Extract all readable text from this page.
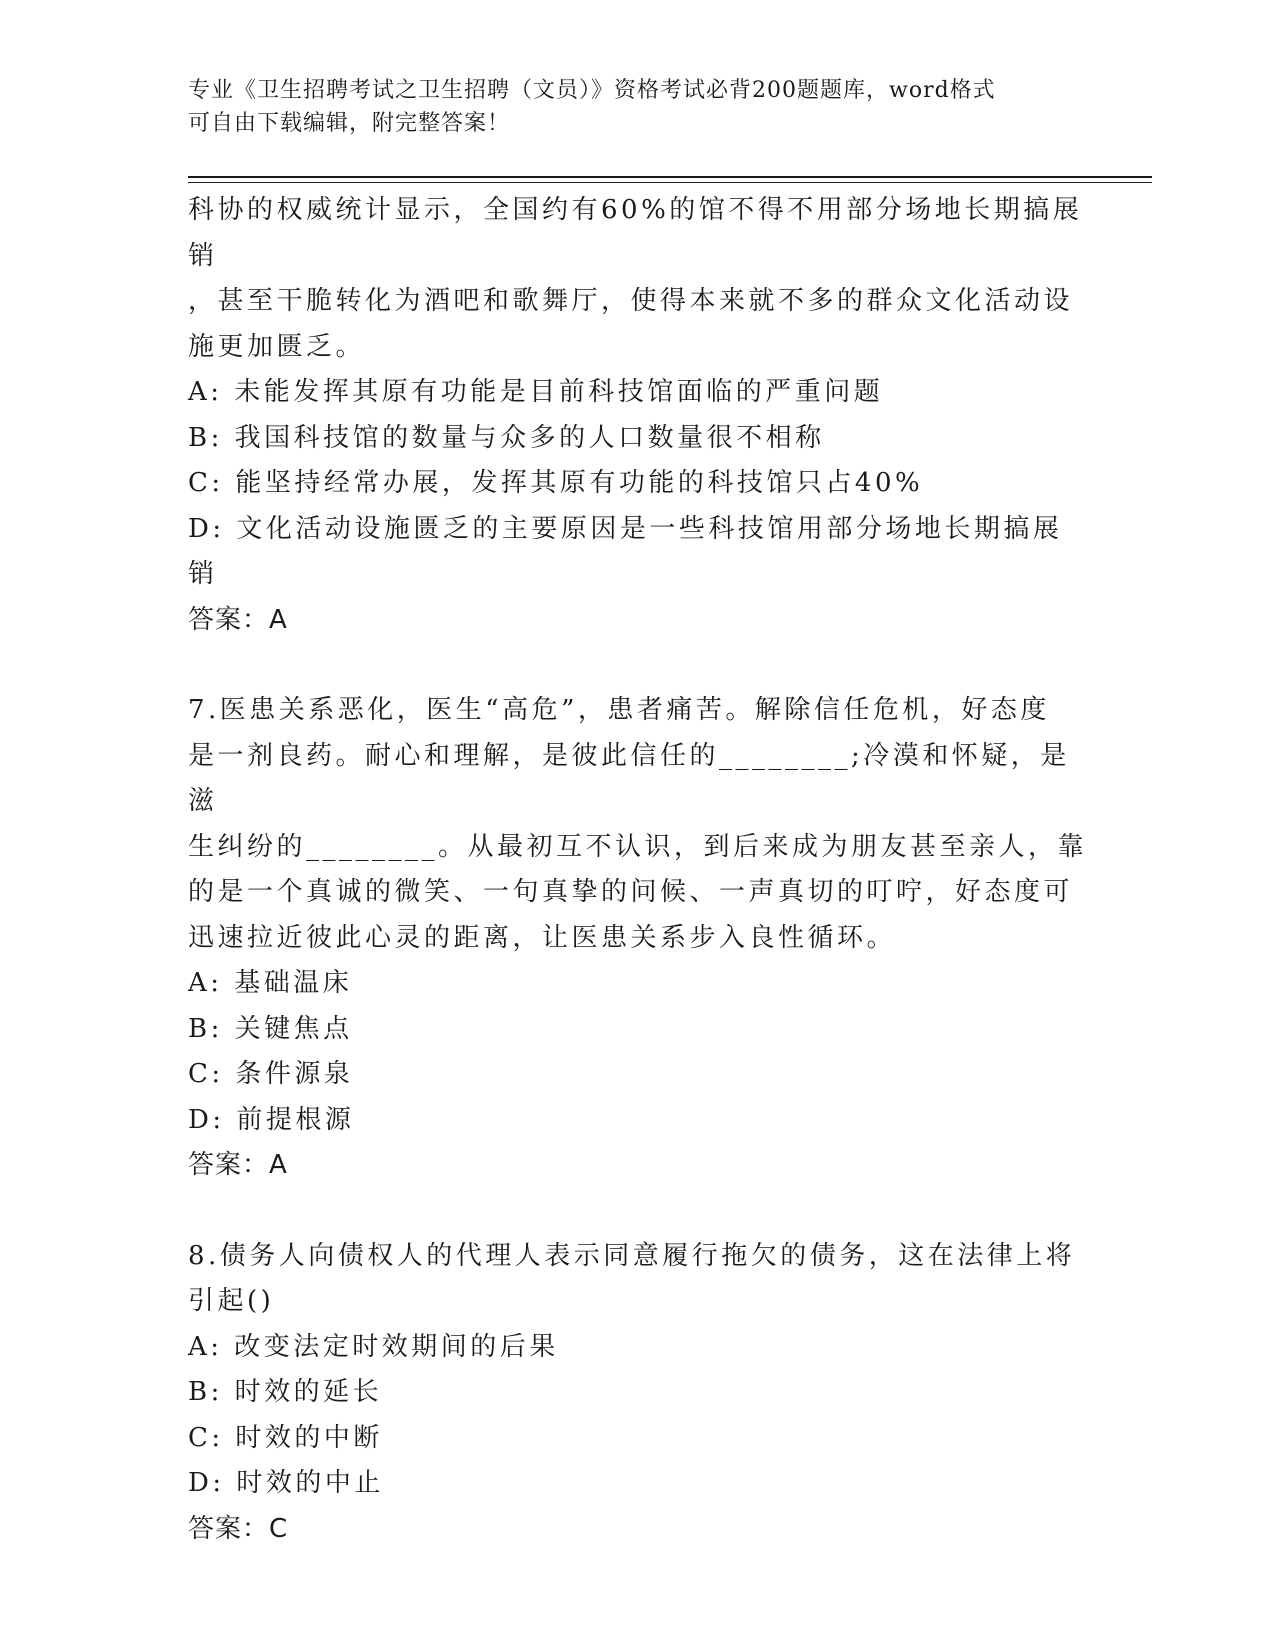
专业《卫生招聘考试之卫生招聘（文员）》资格考试必背200题题库，word格式
可自由下载编辑，附完整答案！

科协的权威统计显示，全国约有60%的馆不得不用部分场地长期搞展销

，甚至干脆转化为酒吧和歌舞厅，使得本来就不多的群众文化活动设

施更加匮乏。

A: 未能发挥其原有功能是目前科技馆面临的严重问题

B: 我国科技馆的数量与众多的人口数量很不相称

C: 能坚持经常办展，发挥其原有功能的科技馆只占40%

D: 文化活动设施匮乏的主要原因是一些科技馆用部分场地长期搞展销

答案：A

7.医患关系恶化，医生“高危”，患者痛苦。解除信任危机，好态度

是一剂良药。耐心和理解，是彼此信任的________;冷漠和怀疑，是滋

生纠纷的________。从最初互不认识，到后来成为朋友甚至亲人，靠

的是一个真诚的微笑、一句真挚的问候、一声真切的叮咛，好态度可

迅速拉近彼此心灵的距离，让医患关系步入良性循环。

A: 基础温床

B: 关键焦点

C: 条件源泉

D: 前提根源

答案：A

8.债务人向债权人的代理人表示同意履行拖欠的债务，这在法律上将

引起()

A: 改变法定时效期间的后果

B: 时效的延长

C: 时效的中断

D: 时效的中止

答案：C
